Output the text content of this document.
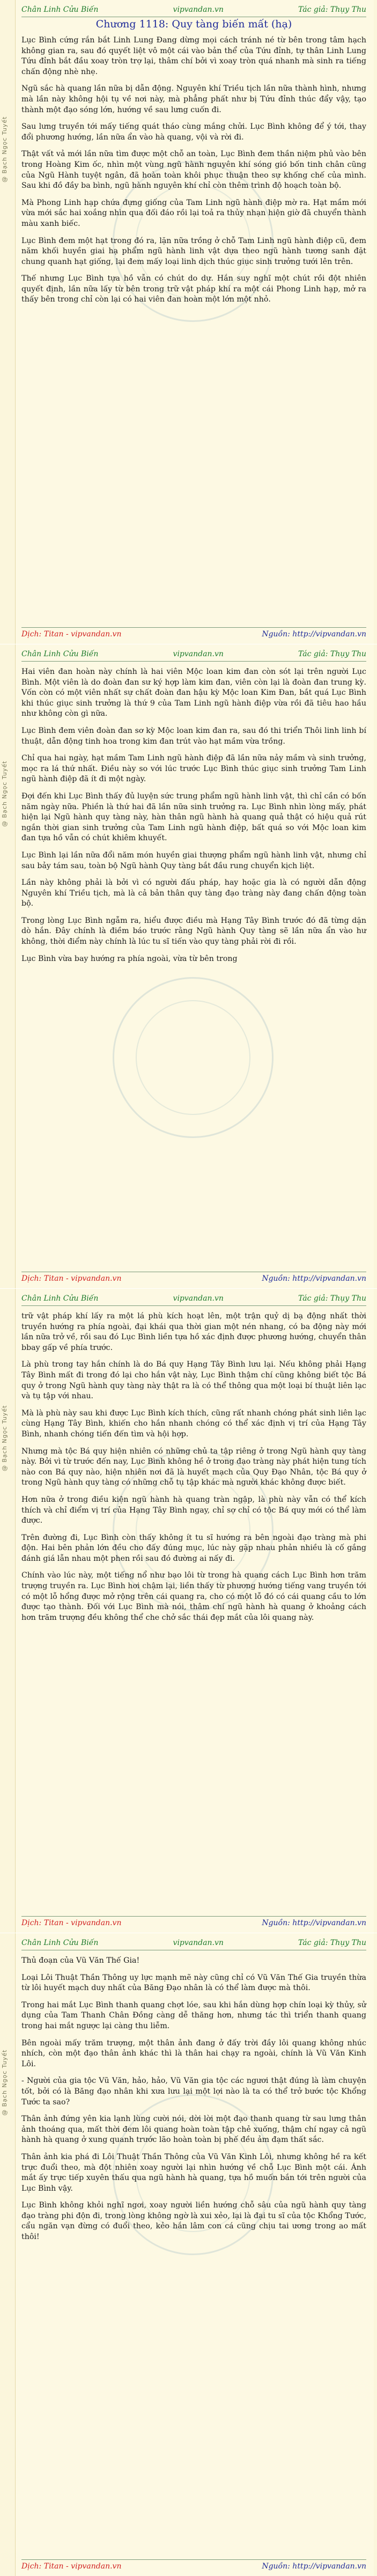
@ Bạch Ngọc Tuyết
Chân Linh Cửu Biến	vipvandan.vn	Tác giả: Thụy Thu
Chương 1118: Quy tàng biến mất (hạ)

Lục Bình cứng rắn bắt Linh Lung Đang dừng mọi cách tránh né từ bên trong tâm hạch không gian ra, sau đó quyết liệt vô một cái vào bản thể của Tứu đỉnh, tự thân Linh Lung Tứu đỉnh bắt đầu xoay tròn trợ lại, thâm chí bởi vì xoay tròn quá nhanh mà sinh ra tiếng chấn động nhè nhẹ.

Ngũ sắc hà quang lần nữa bị dẫn động. Nguyên khí Triều tịch lần nữa thành hình, nhưng mà lần này không hội tụ về nơi này, mà phẳng phất như bị Tứu đỉnh thúc đẩy vậy, tạo thành một đạo sóng lớn, hướng về sau lưng cuốn đi.

Sau lưng truyền tới mấy tiếng quát tháo cùng mắng chửi. Lục Bình không để ý tới, thay đổi phương hướng, lần nữa ẩn vào hà quang, vội và rời đi.

Thật vất vả mới lần nữa tìm được một chỗ an toàn, Lục Bình đem thần niệm phủ vào bên trong Hoàng Kim ốc, nhìn một vùng ngũ hành nguyên khí sóng gió bốn tinh chân cũng của Ngũ Hành tuyệt ngân, đã hoàn toàn khôi phục thuận theo sự khống chế của mình. Sau khi đồ đầy ba bình, ngũ hành nguyên khí chỉ còn thêm trình độ hoạch toàn bộ.

Mà Phong Linh hạp chứa đựng giống của Tam Linh ngũ hành điệp mờ ra. Hạt mầm mới vừa mới sắc hai xoắng nhìn qua đối đáo rồi lại toả ra thủy nhạn hiện giờ đã chuyển thành màu xanh biếc.

Lục Bình đem một hạt trong đó ra, lặn nữa trồng ở chỗ Tam Linh ngũ hành điệp cũ, đem năm khối huyền giai hạ phẩm ngũ hành linh vật dựa theo ngũ hành tương sanh đặt chung quanh hạt giống, lại đem mấy loại linh dịch thúc giục sinh trưởng tưới lên trên.

Thế nhưng Lục Bình tựa hồ vẫn có chút do dự. Hắn suy nghĩ một chút rồi đột nhiên quyết định, lần nữa lấy từ bên trong trữ vật pháp khí ra một cái Phong Linh hạp, mở ra thấy bên trong chỉ còn lại có hai viên đan hoàn một lớn một nhỏ.

Dịch: Titan - vipvandan.vn	Nguồn: http://vipvandan.vn
@ Bạch Ngọc Tuyết
Chân Linh Cửu Biến	vipvandan.vn	Tác giả: Thụy Thu

Hai viên đan hoàn này chính là hai viên Mộc loan kim đan còn sót lại trên người Lục Bình. Một viên là do đoàn đan sư ký hợp làm kim đan, viên còn lại là đoàn đan trung kỳ. Vốn còn có một viên nhất sự chất đoàn đan hậu kỳ Mộc loan Kim Đan, bắt quá Lục Bình khi thúc giục sinh trưởng là thứ 9 của Tam Linh ngũ hành điệp vừa rồi đã tiêu hao hầu như không còn gì nữa.

Lục Bình đem viên đoàn đan sơ kỳ Mộc loan kim đan ra, sau đó thi triển Thôi linh linh bí thuật, dẫn động tinh hoa trong kim đan trút vào hạt mầm vừa trồng.

Chỉ qua hai ngày, hạt mầm Tam Linh ngũ hành điệp đã lần nữa nảy mầm và sinh trưởng, mọc ra lá thứ nhất. Điều này so với lúc trước Lục Bình thúc giục sinh trưởng Tam Linh ngũ hành điệp đã ít đi một ngày.

Đợi đến khi Lục Bình thấy đủ luyện sức trung phẩm ngũ hành linh vật, thì chỉ cần có bốn năm ngày nữa. Phiền là thứ hai đã lần nữa sinh trưởng ra. Lục Bình nhìn lòng mấy, phát hiện lại Ngũ hành quy tàng này, hàn thân ngũ hành hà quang quả thật có hiệu quả rút ngắn thời gian sinh trưởng của Tam Linh ngũ hành điệp, bất quá so với Mộc loan kim đan tựa hồ vẫn có chút khiêm khuyết.

Lục Bình lại lần nữa đổi năm món huyền giai thượng phẩm ngũ hành linh vật, nhưng chỉ sau bảy tám sau, toàn bộ Ngũ hành Quy tàng bắt đầu rung chuyển kịch liệt.

Lần này không phải là bởi vì có người đấu pháp, hay hoặc gia là có người dẫn động Nguyên khí Triều tịch, mà là cả bản thân quy tàng đạo tràng này đang chấn động toàn bộ.

Trong lòng Lục Bình ngẫm ra, hiểu được điều mà Hạng Tây Bình trước đó đã từng dặn dò hắn. Đây chính là điềm báo trước rằng Ngũ hành Quy tàng sẽ lần nữa ẩn vào hư không, thời điểm này chính là lúc tu sĩ tiến vào quy tàng phải rời đi rồi.

Lục Bình vừa bay hướng ra phía ngoài, vừa từ bên trong

Dịch: Titan - vipvandan.vn	Nguồn: http://vipvandan.vn
@ Bạch Ngọc Tuyết
Chân Linh Cửu Biến	vipvandan.vn	Tác giả: Thụy Thu

trữ vật pháp khí lấy ra một lá phù kích hoạt lên, một trận quỷ dị bạ động nhất thời truyền hướng ra phía ngoài, đại khái qua thời gian một nén nhang, có ba động này mới lần nữa trở về, rồi sau đó Lục Bình liền tựa hồ xác định được phương hướng, chuyển thân bbay gấp về phía trước.

Là phù trong tay hắn chính là do Bá quy Hạng Tây Bình lưu lại. Nếu không phải Hạng Tây Bình mất đi trong đó lại cho hắn vật này, Lục Bình thậm chí cũng không biết tộc Bá quy ở trong Ngũ hành quy tàng này thật ra là có thể thông qua một loại bí thuật liên lạc và tụ tập với nhau.

Mà là phù này sau khi được Lục Bình kích thích, cũng rất nhanh chóng phát sinh liên lạc cùng Hạng Tây Bình, khiến cho hắn nhanh chóng có thể xác định vị trí của Hạng Tây Bình, nhanh chóng tiến đến tìm và hội hợp.

Nhưng mà tộc Bá quy hiện nhiên có những chủ ta tập riêng ở trong Ngũ hành quy tàng này. Bởi vì từ trước đến nay, Lục Bình không hề ở trong đạo tràng này phát hiện tung tích nào con Bá quy nào, hiện nhiên nơi đã là huyết mạch của Quy Đạo Nhân, tộc Bá quy ở trong Ngũ hành quy tàng có những chỗ tụ tập khác mà người khác không được biết.

Hơn nữa ở trong điều kiện ngũ hành hà quang tràn ngập, là phù này vẫn có thể kích thích và chỉ điểm vị trí của Hạng Tây Bình ngay, chỉ sợ chỉ có tộc Bá quy mới có thể làm được.

Trên đường đi, Lục Bình còn thấy không ít tu sĩ hướng ra bên ngoài đạo tràng mà phi độn. Hai bên phản lớn đều cho đấy đúng mục, lúc này gặp nhau phản nhiều là cố gắng đánh giá lẫn nhau một phen rồi sau đó đường ai nấy đi.

Chính vào lúc này, một tiếng nổ như bạo lôi từ trong hà quang cách Lục Bình hơn trăm trượng truyền ra. Lục Bình hơi chậm lại, liền thấy từ phương hướng tiếng vang truyền tới có một lỗ hổng được mở rộng trên cái quang ra, cho có một lỗ đó có cái quang cầu to lớn được tạo thành. Đối với Lục Bình mà nói, thâm chí ngũ hành hà quang ở khoảng cách hơn trăm trượng đều không thể che chở sắc thái đẹp mắt của lôi quang này.

Dịch: Titan - vipvandan.vn	Nguồn: http://vipvandan.vn
@ Bạch Ngọc Tuyết
Chân Linh Cửu Biến	vipvandan.vn	Tác giả: Thụy Thu

Thủ đoạn của Vũ Văn Thế Gia!

Loại Lôi Thuật Thần Thông uy lực mạnh mẽ này cũng chỉ có Vũ Văn Thế Gia truyền thừa từ lôi huyết mạch duy nhất của Băng Đạo nhân là có thể làm được mà thôi.

Trong hai mắt Lục Bình thanh quang chợt lóe, sau khi hắn dùng hợp chín loại kỳ thủy, sử dụng của Tam Thanh Chân Đồng càng dễ thăng hơn, nhưng tác thì triển thanh quang trong hai mắt ngược lại càng thu liễm.

Bên ngoài mấy trăm trượng, một thân ảnh đang ở đấy trời đầy lôi quang không nhúc nhích, còn một đạo thân ảnh khác thì là thân hai chạy ra ngoài, chính là Vũ Văn Kinh Lôi.

- Người của gia tộc Vũ Văn, hảo, hảo, Vũ Văn gia tộc các ngươi thật đúng là làm chuyện tốt, bởi có là Băng đạo nhân khi xưa lưu lại một lợi nào là ta có thể trở bước tộc Khổng Tước ta sao?

Thân ảnh đứng yên kia lạnh lùng cười nói, dời lời một đạo thanh quang từ sau lưng thân ảnh thoáng qua, mất thời đem lôi quang hoàn toàn tập chẻ xuống, thậm chí ngay cả ngũ hành hà quang ở xung quanh trước lão hoàn toàn bị phế đều ảm đạm thất sắc.

Thân ảnh kia phá đi Lôi Thuật Thần Thông của Vũ Văn Kinh Lôi, nhưng không hề ra kết trực đuổi theo, mà đột nhiên xoay người lại nhìn hướng về chỗ Lục Bình một cái. Ánh mắt ấy trực tiếp xuyên thấu qua ngũ hành hà quang, tựa hồ muốn bắn tới trên người của Lục Bình vậy.

Lục Bình không khỏi nghĩ ngơi, xoay người liền hướng chỗ sâu của ngũ hành quy tàng đạo tràng phi độn đi, trong lòng không ngờ là xui xẻo, lại là đại tu sĩ của tộc Khổng Tước, cẩu ngăn vạn đừng có đuổi theo, kẻo hắn lâm con cá cũng chịu tai ương trong ao mất thôi!

Dịch: Titan - vipvandan.vn	Nguồn: http://vipvandan.vn
